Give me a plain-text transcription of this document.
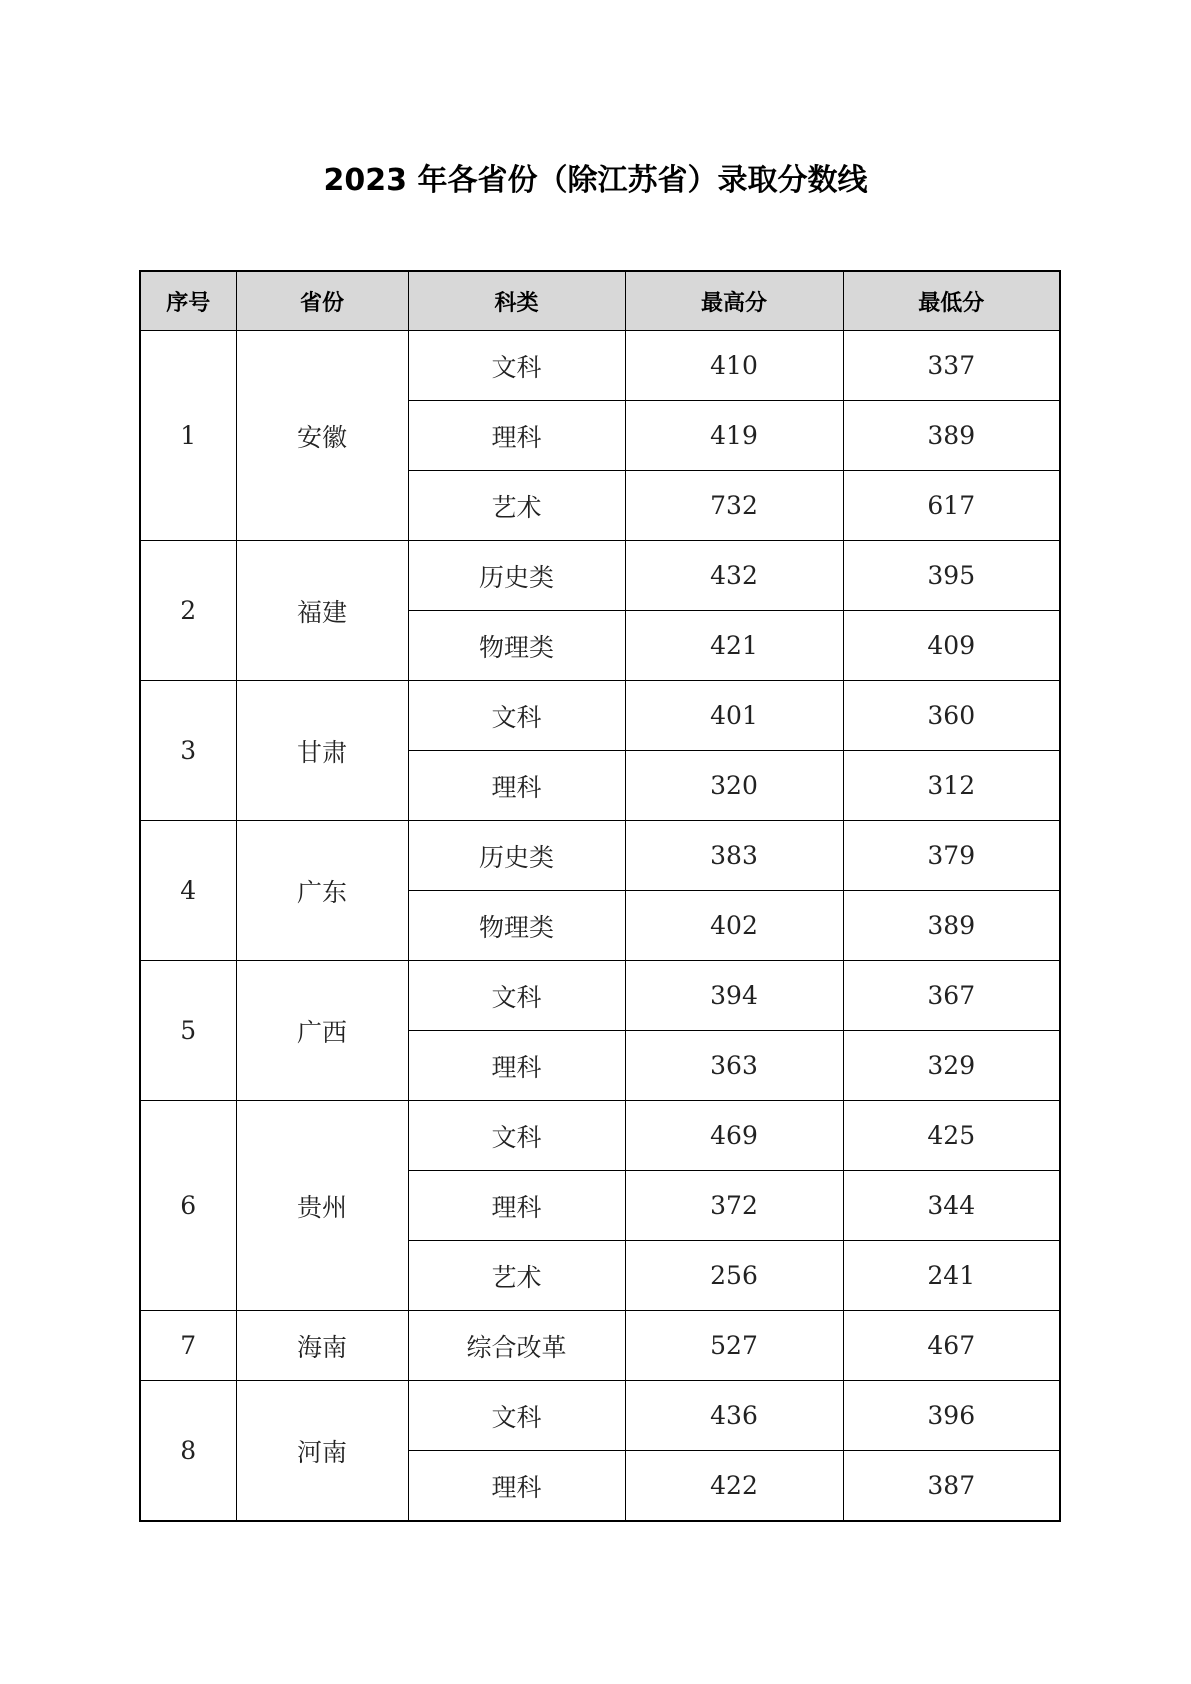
2023 年各省份（除江苏省）录取分数线
序号	省份	科类	最高分	最低分
1	安徽	文科	410	337
		理科	419	389
		艺术	732	617
2	福建	历史类	432	395
		物理类	421	409
3	甘肃	文科	401	360
		理科	320	312
4	广东	历史类	383	379
		物理类	402	389
5	广西	文科	394	367
		理科	363	329
6	贵州	文科	469	425
		理科	372	344
		艺术	256	241
7	海南	综合改革	527	467
8	河南	文科	436	396
		理科	422	387
